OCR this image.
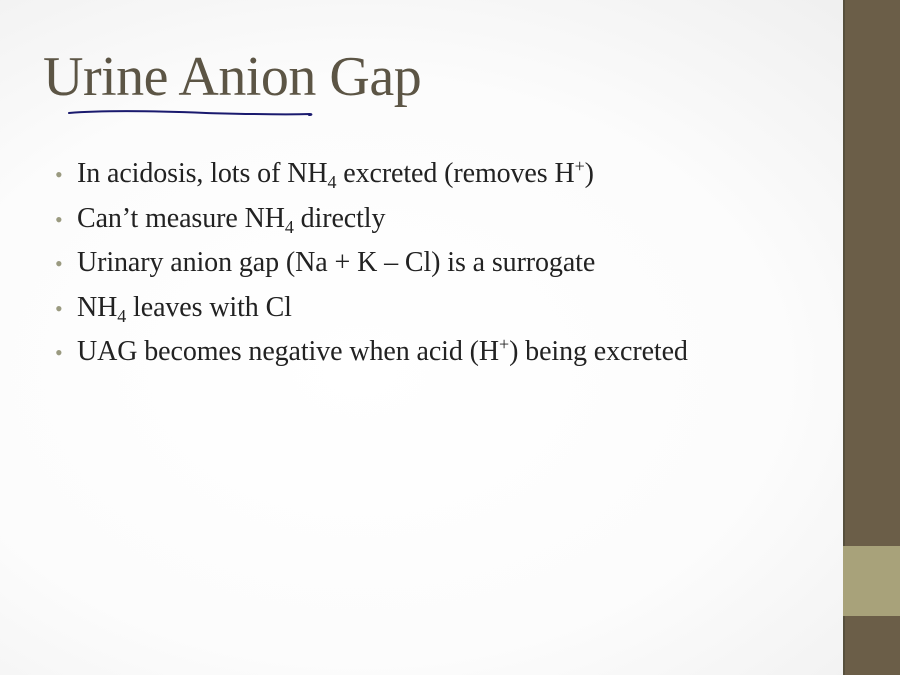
Urine Anion Gap
• In acidosis, lots of $NH_4$ excreted (removes H+)
• Can’t measure $NH_4$ directly
• Urinary anion gap (Na + K – Cl) is a surrogate
• $NH_4$ leaves with Cl
• UAG becomes negative when acid (H+) being excreted
